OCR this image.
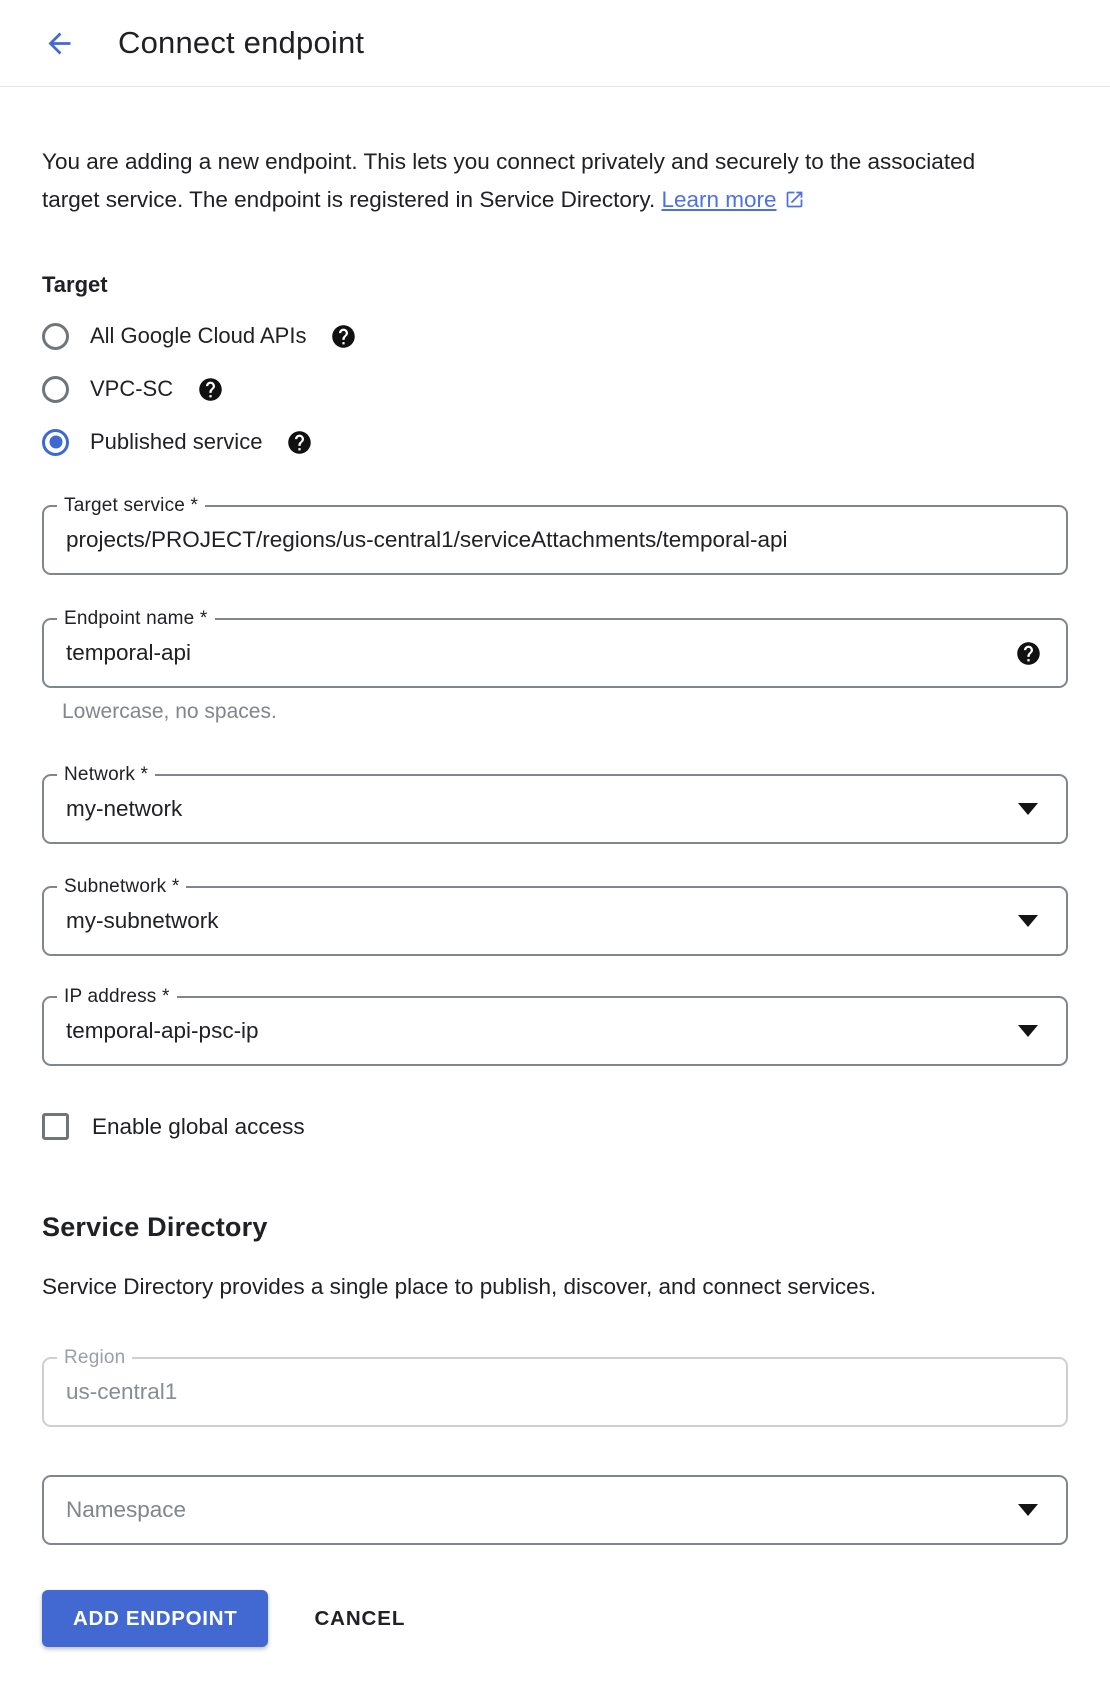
Connect endpoint

You are adding a new endpoint. This lets you connect privately and securely to the associated target service. The endpoint is registered in Service Directory. Learn more

Target
All Google Cloud APIs
VPC-SC
Published service
Target service *
projects/PROJECT/regions/us-central1/serviceAttachments/temporal-api
Endpoint name *
temporal-api
Lowercase, no spaces.
Network *
my-network
Subnetwork *
my-subnetwork
IP address *
temporal-api-psc-ip
Enable global access
Service Directory

Service Directory provides a single place to publish, discover, and connect services.

Region
us-central1
Namespace
ADD ENDPOINT	CANCEL
